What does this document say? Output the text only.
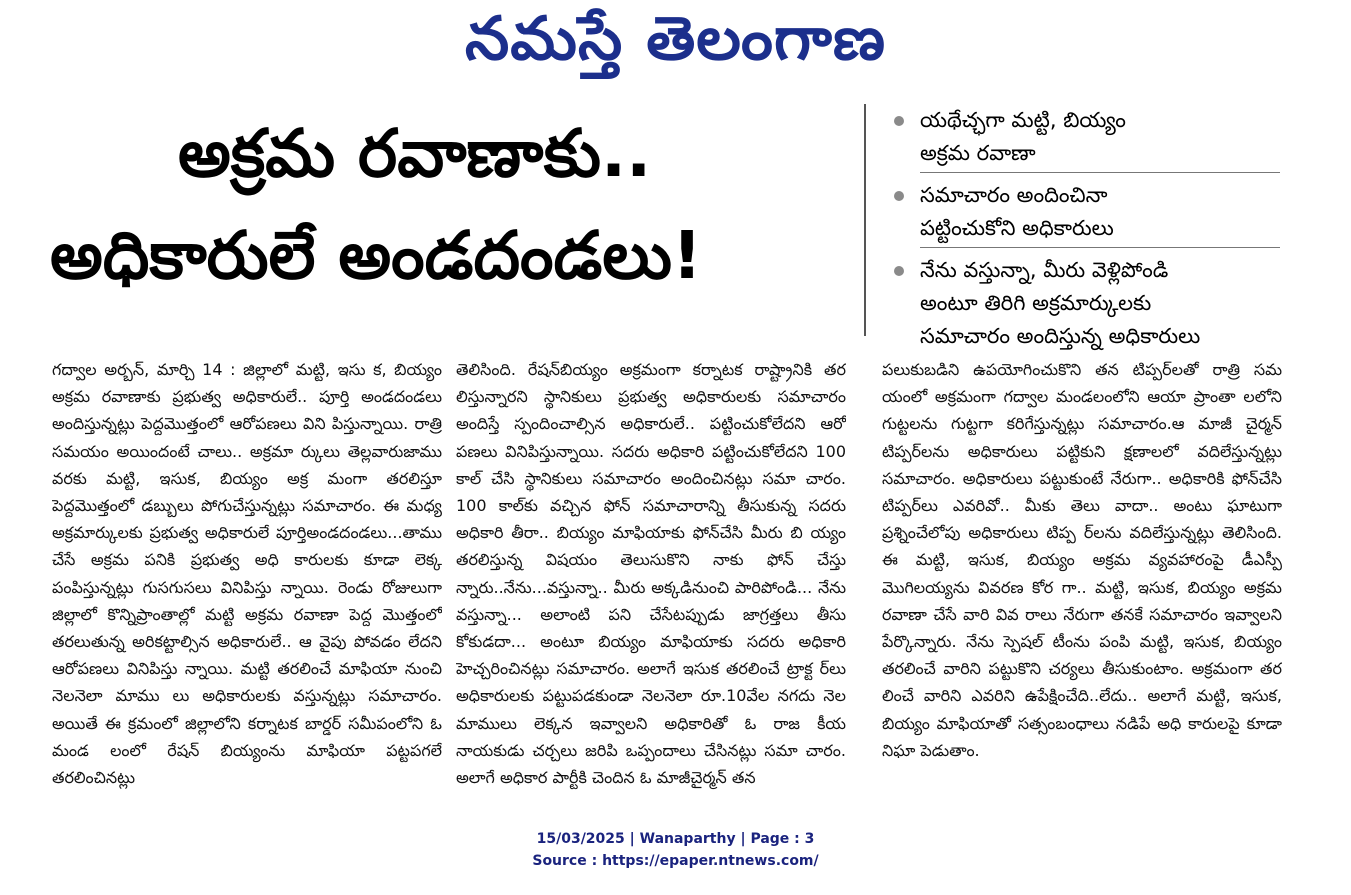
నమస్తే తెలంగాణ
అక్రమ రవాణాకు..
అధికారులే అండదండలు!
యథేచ్ఛగా మట్టి, బియ్యం
అక్రమ రవాణా
సమాచారం అందించినా
పట్టించుకోని అధికారులు
నేను వస్తున్నా, మీరు వెళ్లిపోండి
అంటూ తిరిగి అక్రమార్కులకు
సమాచారం అందిస్తున్న అధికారులు

గద్వాల అర్బన్, మార్చి 14 : జిల్లాలో మట్టి, ఇసు క, బియ్యం అక్రమ రవాణాకు ప్రభుత్వ అధికారులే.. పూర్తి అండదండలు అందిస్తున్నట్లు పెద్దమొత్తంలో ఆరోపణలు విని పిస్తున్నాయి. రాత్రి సమయం అయిందంటే చాలు.. అక్రమా ర్కులు తెల్లవారుజాము వరకు మట్టి, ఇసుక, బియ్యం అక్ర మంగా తరలిస్తూ పెద్దమొత్తంలో డబ్బులు పోగుచేస్తున్నట్లు సమాచారం. ఈ మధ్య అక్రమార్కులకు ప్రభుత్వ అధికారులే పూర్తిఅండదండలు...తాము చేసే అక్రమ పనికి ప్రభుత్వ అధి కారులకు కూడా లెక్క పంపిస్తున్నట్లు గుసగుసలు వినిపిస్తు న్నాయి. రెండు రోజులుగా జిల్లాలో కొన్నిప్రాంతాల్లో మట్టి అక్రమ రవాణా పెద్ద మొత్తంలో తరలుతున్న అరికట్టాల్సిన అధికారులే.. ఆ వైపు పోవడం లేదని ఆరోపణలు వినిపిస్తు న్నాయి. మట్టి తరలించే మాఫియా నుంచి నెలనెలా మాము లు అధికారులకు వస్తున్నట్లు సమాచారం. అయితే ఈ క్రమంలో జిల్లాలోని కర్నాటక బార్డర్ సమీపంలోని ఓ మండ లంలో రేషన్ బియ్యంను మాఫియా పట్టపగలే తరలించినట్లు

తెలిసింది. రేషన్‌బియ్యం అక్రమంగా కర్నాటక రాష్ట్రానికి తర లిస్తున్నారని స్థానికులు ప్రభుత్వ అధికారులకు సమాచారం అందిస్తే స్పందించాల్సిన అధికారులే.. పట్టించుకోలేదని ఆరో పణలు వినిపిస్తున్నాయి. సదరు అధికారి పట్టించుకోలేదని 100 కాల్ చేసి స్థానికులు సమాచారం అందించినట్లు సమా చారం. 100 కాల్‌కు వచ్చిన ఫోన్ సమాచారాన్ని తీసుకున్న సదరు అధికారి తీరా.. బియ్యం మాఫియాకు ఫోన్‌చేసి మీరు బి య్యం తరలిస్తున్న విషయం తెలుసుకొని నాకు ఫోన్ చేస్తు న్నారు..నేను...వస్తున్నా.. మీరు అక్కడినుంచి పారిపోండి... నేను వస్తున్నా... అలాంటి పని చేసేటప్పుడు జాగ్రత్తలు తీసు కోకుడదా... అంటూ బియ్యం మాఫియాకు సదరు అధికారి హెచ్చరించినట్లు సమాచారం. అలాగే ఇసుక తరలించే ట్రాక్ట ర్‌లు అధికారులకు పట్టుపడకుండా నెలనెలా రూ.10వేల నగదు నెల మాములు లెక్కన ఇవ్వాలని అధికారితో ఓ రాజ కీయ నాయకుడు చర్చలు జరిపి ఒప్పందాలు చేసినట్లు సమా చారం. అలాగే అధికార పార్టీకి చెందిన ఓ మాజీచైర్మన్ తన

పలుకుబడిని ఉపయోగించుకొని తన టిప్పర్‌లతో రాత్రి సమ యంలో అక్రమంగా గద్వాల మండలంలోని ఆయా ప్రాంతా లలోని గుట్టలను గుట్టగా కరిగేస్తున్నట్లు సమాచారం.ఆ మాజీ చైర్మన్ టిప్పర్‌లను అధికారులు పట్టికుని క్షణాలలో వదిలేస్తున్నట్లు సమాచారం. అధికారులు పట్టుకుంటే నేరుగా.. అధికారికి ఫోన్‌చేసి టిప్పర్‌లు ఎవరివో.. మీకు తెలు వాదా.. అంటు ఘాటుగా ప్రశ్నించేలోపు అధికారులు టిప్ప ర్‌లను వదిలేస్తున్నట్లు తెలిసింది. ఈ మట్టి, ఇసుక, బియ్యం అక్రమ వ్యవహారంపై డీఎస్పీ మొగిలయ్యను వివరణ కోర గా.. మట్టి, ఇసుక, బియ్యం అక్రమ రవాణా చేసే వారి వివ రాలు నేరుగా తనకే సమాచారం ఇవ్వాలని పేర్కొన్నారు. నేను స్పెషల్ టీంను పంపి మట్టి, ఇసుక, బియ్యం తరలించే వారిని పట్టుకొని చర్యలు తీసుకుంటాం. అక్రమంగా తర లించే వారిని ఎవరిని ఉపేక్షించేది..లేదు.. అలాగే మట్టి, ఇసుక, బియ్యం మాఫియాతో సత్సంబంధాలు నడిపే అధి కారులపై కూడా నిఘా పెడుతాం.

15/03/2025 | Wanaparthy | Page : 3
Source : https://epaper.ntnews.com/
